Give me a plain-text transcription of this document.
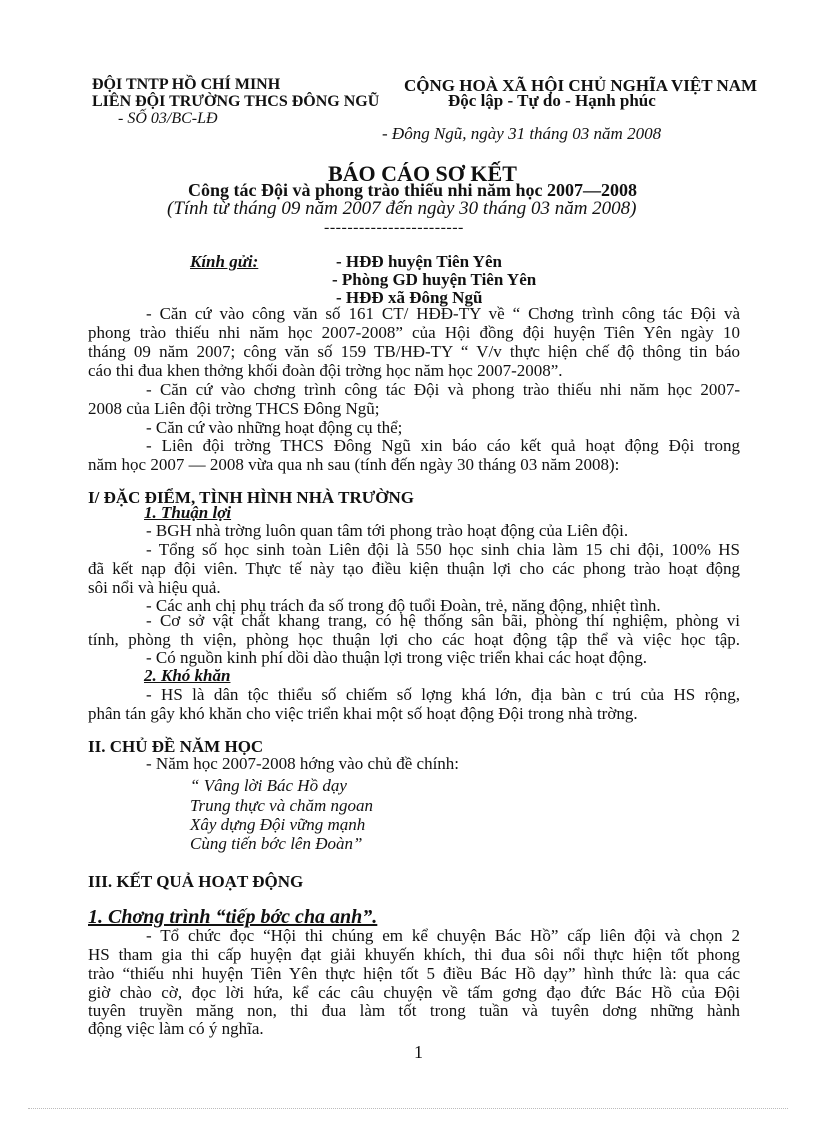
ĐỘI TNTP HỒ CHÍ MINH
LIÊN ĐỘI TRƯỜNG THCS ĐÔNG NGŨ
- SỐ 03/BC-LĐ
CỘNG HOÀ XÃ HỘI CHỦ NGHĨA VIỆT NAM
Độc lập - Tự do - Hạnh phúc
- Đông Ngũ, ngày 31 tháng 03 năm 2008
BÁO CÁO SƠ KẾT
Công tác Đội và phong trào thiếu nhi năm học 2007—2008
(Tính từ tháng 09 năm 2007 đến ngày 30 tháng 03 năm 2008)
------------------------
Kính gửi:	- HĐĐ huyện Tiên Yên
- Phòng GD huyện Tiên Yên
- HĐĐ xã Đông Ngũ
- Căn cứ vào công văn số 161 CT/ HĐĐ-TY về “ Chơng trình công tác Đội và
phong trào thiếu nhi năm học 2007-2008” của Hội đồng đội huyện Tiên Yên ngày 10
tháng 09 năm 2007; công văn số 159 TB/HĐ-TY “ V/v thực hiện chế độ thông tin báo
cáo thi đua khen thởng khối đoàn đội trờng học năm học 2007-2008”.
- Căn cứ vào chơng trình công tác Đội và phong trào thiếu nhi năm học 2007-
2008 của Liên đội trờng THCS Đông Ngũ;
- Căn cứ vào những hoạt động cụ thể;
- Liên đội trờng THCS Đông Ngũ xin báo cáo kết quả hoạt động Đội trong
năm học 2007 — 2008 vừa qua nh sau (tính đến ngày 30 tháng 03 năm 2008):
I/ ĐẶC ĐIỂM, TÌNH HÌNH NHÀ TRƯỜNG
1. Thuận lợi
- BGH nhà trờng luôn quan tâm tới phong trào hoạt động của Liên đội.
- Tổng số học sinh toàn Liên đội là 550 học sinh chia làm 15 chi đội, 100% HS
đã kết nạp đội viên. Thực tế này tạo điều kiện thuận lợi cho các phong trào hoạt động
sôi nổi và hiệu quả.
- Các anh chị phụ trách đa số trong độ tuổi Đoàn, trẻ, năng động, nhiệt tình.
- Cơ sở vật chất khang trang, có hệ thống sân bãi, phòng thí nghiệm, phòng vi
tính, phòng th viện, phòng học thuận lợi cho các hoạt động tập thể và việc học tập.
- Có nguồn kinh phí dồi dào thuận lợi trong việc triển khai các hoạt động.
2. Khó khăn
- HS là dân tộc thiểu số chiếm số lợng khá lớn, địa bàn c trú của HS rộng,
phân tán gây khó khăn cho việc triển khai một số hoạt động Đội trong nhà trờng.
II. CHỦ ĐỀ NĂM HỌC
- Năm học 2007-2008 hớng vào chủ đề chính:
“ Vâng lời Bác Hồ dạy
Trung thực và chăm ngoan
Xây dựng Đội vững mạnh
Cùng tiến bớc lên Đoàn”
III. KẾT QUẢ HOẠT ĐỘNG
1. Chơng trình “tiếp bớc cha anh”.
- Tổ chức đọc “Hội thi chúng em kể chuyện Bác Hồ” cấp liên đội và chọn 2
HS tham gia thi cấp huyện đạt giải khuyến khích, thi đua sôi nổi thực hiện tốt phong
trào “thiếu nhi huyện Tiên Yên thực hiện tốt 5 điều Bác Hồ dạy” hình thức là: qua các
giờ chào cờ, đọc lời hứa, kể các câu chuyện về tấm gơng đạo đức Bác Hồ của Đội
tuyên truyền măng non, thi đua làm tốt trong tuần và tuyên dơng những hành
động việc làm có ý nghĩa.
1
